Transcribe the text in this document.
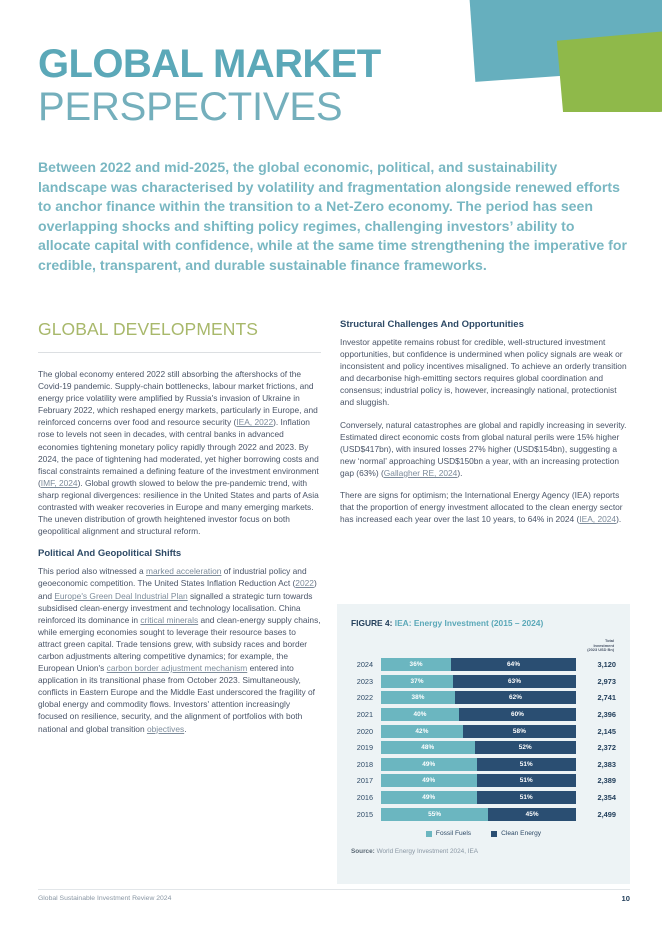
GLOBAL MARKET
PERSPECTIVES
Between 2022 and mid-2025, the global economic, political, and sustainability landscape was characterised by volatility and fragmentation alongside renewed efforts to anchor finance within the transition to a Net-Zero economy. The period has seen overlapping shocks and shifting policy regimes, challenging investors’ ability to allocate capital with confidence, while at the same time strengthening the imperative for credible, transparent, and durable sustainable finance frameworks.
GLOBAL DEVELOPMENTS

The global economy entered 2022 still absorbing the aftershocks of the Covid-19 pandemic. Supply-chain bottlenecks, labour market frictions, and energy price volatility were amplified by Russia's invasion of Ukraine in February 2022, which reshaped energy markets, particularly in Europe, and reinforced concerns over food and resource security (IEA, 2022). Inflation rose to levels not seen in decades, with central banks in advanced economies tightening monetary policy rapidly through 2022 and 2023. By 2024, the pace of tightening had moderated, yet higher borrowing costs and fiscal constraints remained a defining feature of the investment environment (IMF, 2024). Global growth slowed to below the pre-pandemic trend, with sharp regional divergences: resilience in the United States and parts of Asia contrasted with weaker recoveries in Europe and many emerging markets. The uneven distribution of growth heightened investor focus on both geopolitical alignment and structural reform.

Political And Geopolitical Shifts

This period also witnessed a marked acceleration of industrial policy and geoeconomic competition. The United States Inflation Reduction Act (2022) and Europe's Green Deal Industrial Plan signalled a strategic turn towards subsidised clean-energy investment and technology localisation. China reinforced its dominance in critical minerals and clean-energy supply chains, while emerging economies sought to leverage their resource bases to attract green capital. Trade tensions grew, with subsidy races and border carbon adjustments altering competitive dynamics; for example, the European Union's carbon border adjustment mechanism entered into application in its transitional phase from October 2023. Simultaneously, conflicts in Eastern Europe and the Middle East underscored the fragility of global energy and commodity flows. Investors' attention increasingly focused on resilience, security, and the alignment of portfolios with both national and global transition objectives.

Structural Challenges And Opportunities

Investor appetite remains robust for credible, well-structured investment opportunities, but confidence is undermined when policy signals are weak or inconsistent and policy incentives misaligned. To achieve an orderly transition and decarbonise high-emitting sectors requires global coordination and consensus; industrial policy is, however, increasingly national, protectionist and sluggish.

Conversely, natural catastrophes are global and rapidly increasing in severity. Estimated direct economic costs from global natural perils were 15% higher (USD$417bn), with insured losses 27% higher (USD$154bn), suggesting a new ‘normal’ approaching USD$150bn a year, with an increasing protection gap (63%) (Gallagher RE, 2024).

There are signs for optimism; the International Energy Agency (IEA) reports that the proportion of energy investment allocated to the clean energy sector has increased each year over the last 10 years, to 64% in 2024 (IEA, 2024).

FIGURE 4: IEA: Energy Investment (2015 – 2024)
Total
Investment
(2023 USD Bn)
2024	36%	64%	3,120
2023	37%	63%	2,973
2022	38%	62%	2,741
2021	40%	60%	2,396
2020	42%	58%	2,145
2019	48%	52%	2,372
2018	49%	51%	2,383
2017	49%	51%	2,389
2016	49%	51%	2,354
2015	55%	45%	2,499
Fossil Fuels	Clean Energy
Source: World Energy Investment 2024, IEA
Global Sustainable Investment Review 2024	10
